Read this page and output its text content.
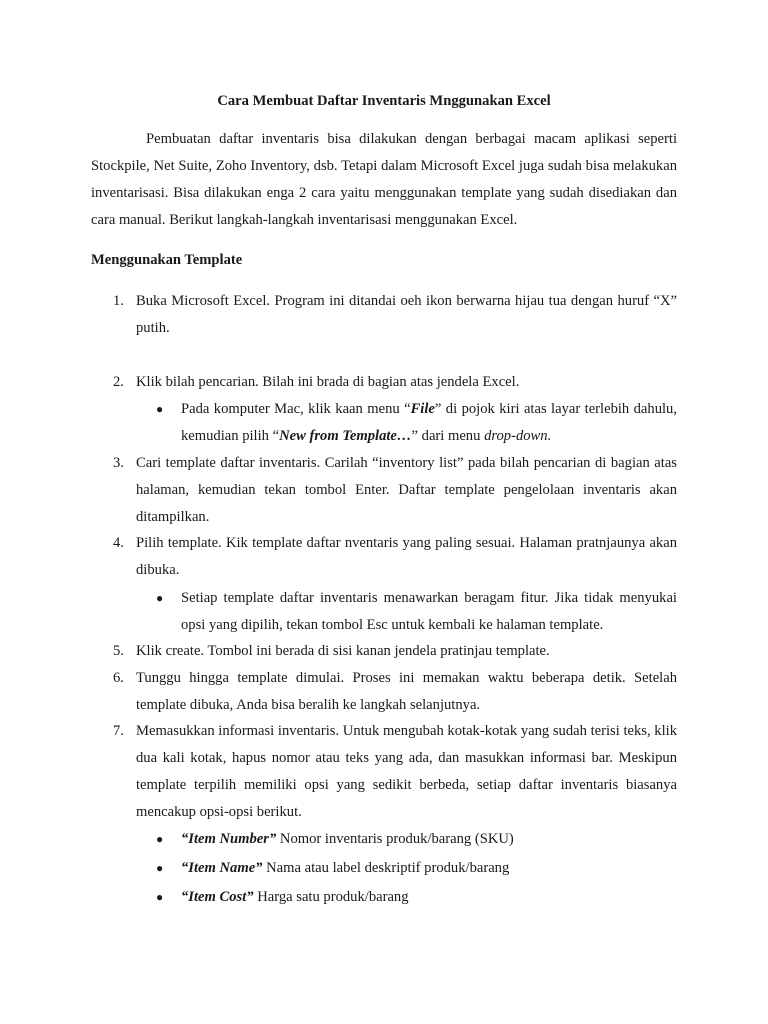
Cara Membuat Daftar Inventaris Mnggunakan Excel

Pembuatan daftar inventaris bisa dilakukan dengan berbagai macam aplikasi seperti Stockpile, Net Suite, Zoho Inventory, dsb. Tetapi dalam Microsoft Excel juga sudah bisa melakukan inventarisasi. Bisa dilakukan enga 2 cara yaitu menggunakan template yang sudah disediakan dan cara manual. Berikut langkah-langkah inventarisasi menggunakan Excel.

Menggunakan Template
1. Buka Microsoft Excel. Program ini ditandai oeh ikon berwarna hijau tua dengan huruf “X” putih.
2. Klik bilah pencarian. Bilah ini brada di bagian atas jendela Excel.
● Pada komputer Mac, klik kaan menu “File” di pojok kiri atas layar terlebih dahulu, kemudian pilih “New from Template…” dari menu drop-down.
3. Cari template daftar inventaris. Carilah “inventory list” pada bilah pencarian di bagian atas halaman, kemudian tekan tombol Enter. Daftar template pengelolaan inventaris akan ditampilkan.
4. Pilih template. Kik template daftar nventaris yang paling sesuai. Halaman pratnjaunya akan dibuka.
● Setiap template daftar inventaris menawarkan beragam fitur. Jika tidak menyukai opsi yang dipilih, tekan tombol Esc untuk kembali ke halaman template.
5. Klik create. Tombol ini berada di sisi kanan jendela pratinjau template.
6. Tunggu hingga template dimulai. Proses ini memakan waktu beberapa detik. Setelah template dibuka, Anda bisa beralih ke langkah selanjutnya.
7. Memasukkan informasi inventaris. Untuk mengubah kotak-kotak yang sudah terisi teks, klik dua kali kotak, hapus nomor atau teks yang ada, dan masukkan informasi bar. Meskipun template terpilih memiliki opsi yang sedikit berbeda, setiap daftar inventaris biasanya mencakup opsi-opsi berikut.
● “Item Number” Nomor inventaris produk/barang (SKU)
● “Item Name” Nama atau label deskriptif produk/barang
● “Item Cost” Harga satu produk/barang
